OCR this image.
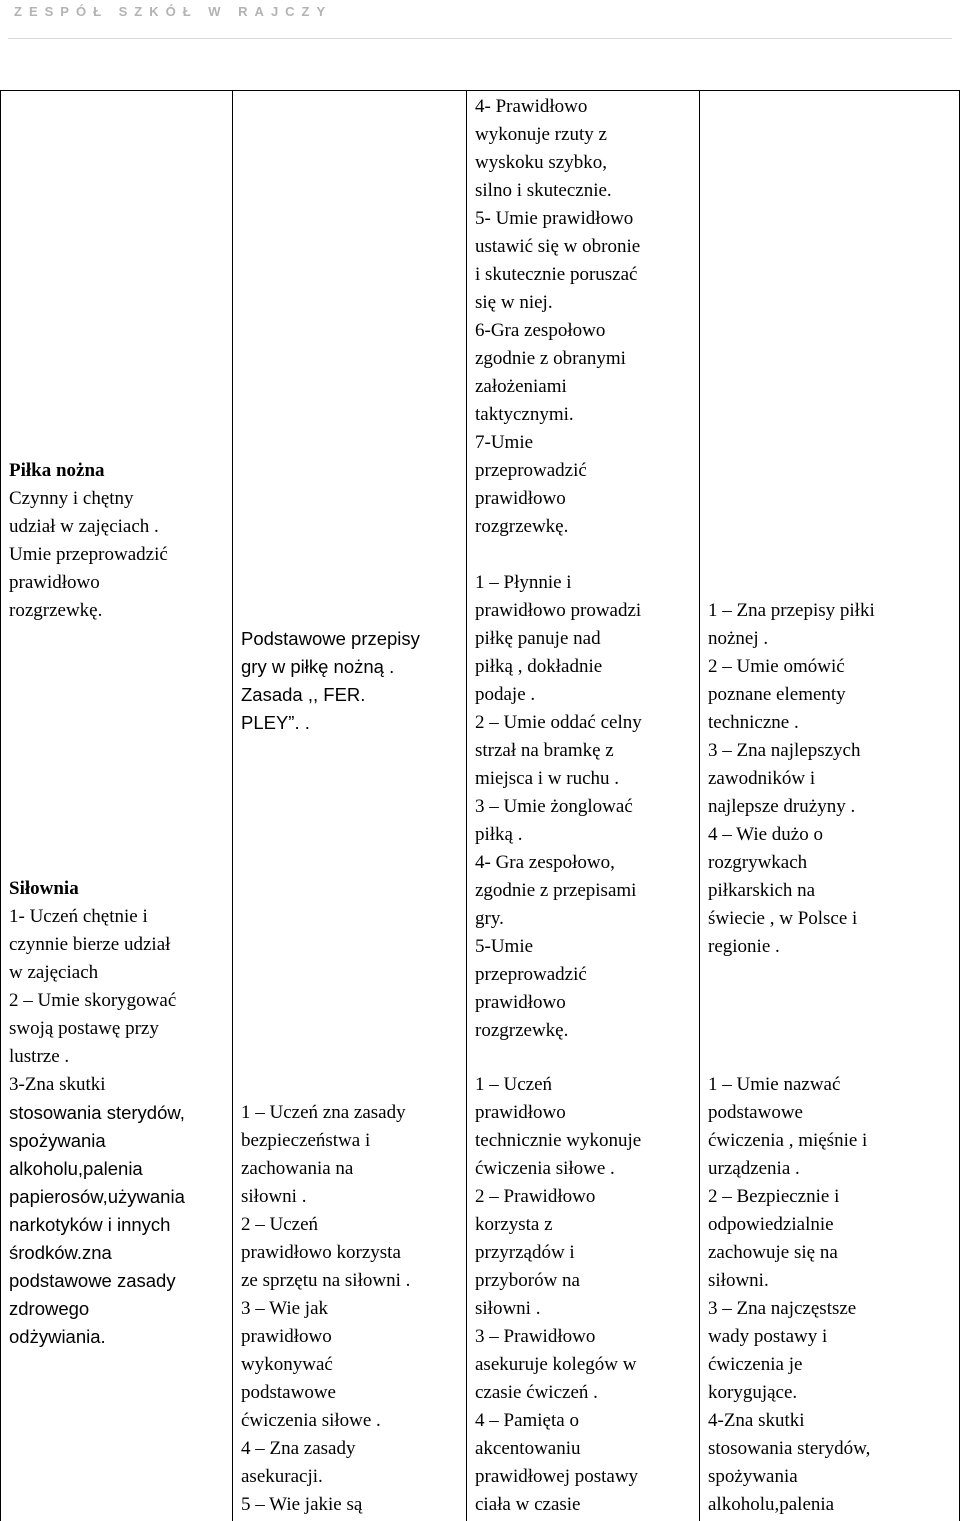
ZESPÓŁ SZKÓŁ W RAJCZY

Piłka nożna

Czynny i chętny
udział w zajęciach .
Umie przeprowadzić
prawidłowo
rozgrzewkę.

Siłownia

1- Uczeń chętnie i
czynnie bierze udział
w zajęciach
2 – Umie skorygować
swoją postawę przy
lustrze .
3-Zna skutki

stosowania sterydów,
spożywania
alkoholu,palenia
papierosów,używania
narkotyków i innych
środków.zna
podstawowe zasady
zdrowego
odżywiania.

Podstawowe przepisy
gry w piłkę nożną .
Zasada ,, FER.
PLEY”. .

1 – Uczeń zna zasady
bezpieczeństwa i
zachowania na
siłowni .
2 – Uczeń
prawidłowo korzysta
ze sprzętu na siłowni .
3 – Wie jak
prawidłowo
wykonywać
podstawowe
ćwiczenia siłowe .
4 – Zna zasady
asekuracji.
5 – Wie jakie są

4- Prawidłowo
wykonuje rzuty z
wyskoku szybko,
silno i skutecznie.
5- Umie prawidłowo
ustawić się w obronie
i skutecznie poruszać
się w niej.
6-Gra zespołowo
zgodnie z obranymi
założeniami
taktycznymi.
7-Umie
przeprowadzić
prawidłowo
rozgrzewkę.

1 – Płynnie i
prawidłowo prowadzi
piłkę panuje nad
piłką , dokładnie
podaje .
2 – Umie oddać celny
strzał na bramkę z
miejsca i w ruchu .
3 – Umie żonglować
piłką .
4- Gra zespołowo,
zgodnie z przepisami
gry.
5-Umie
przeprowadzić
prawidłowo
rozgrzewkę.

1 – Uczeń
prawidłowo
technicznie wykonuje
ćwiczenia siłowe .
2 – Prawidłowo
korzysta z
przyrządów i
przyborów na
siłowni .
3 – Prawidłowo
asekuruje kolegów w
czasie ćwiczeń .
4 – Pamięta o
akcentowaniu
prawidłowej postawy
ciała w czasie

1 – Zna przepisy piłki
nożnej .
2 – Umie omówić
poznane elementy
techniczne .
3 – Zna najlepszych
zawodników i
najlepsze drużyny .
4 – Wie dużo o
rozgrywkach
piłkarskich na
świecie , w Polsce i
regionie .

1 – Umie nazwać
podstawowe
ćwiczenia , mięśnie i
urządzenia .
2 – Bezpiecznie i
odpowiedzialnie
zachowuje się na
siłowni.
3 – Zna najczęstsze
wady postawy i
ćwiczenia je
korygujące.
4-Zna skutki
stosowania sterydów,
spożywania
alkoholu,palenia
